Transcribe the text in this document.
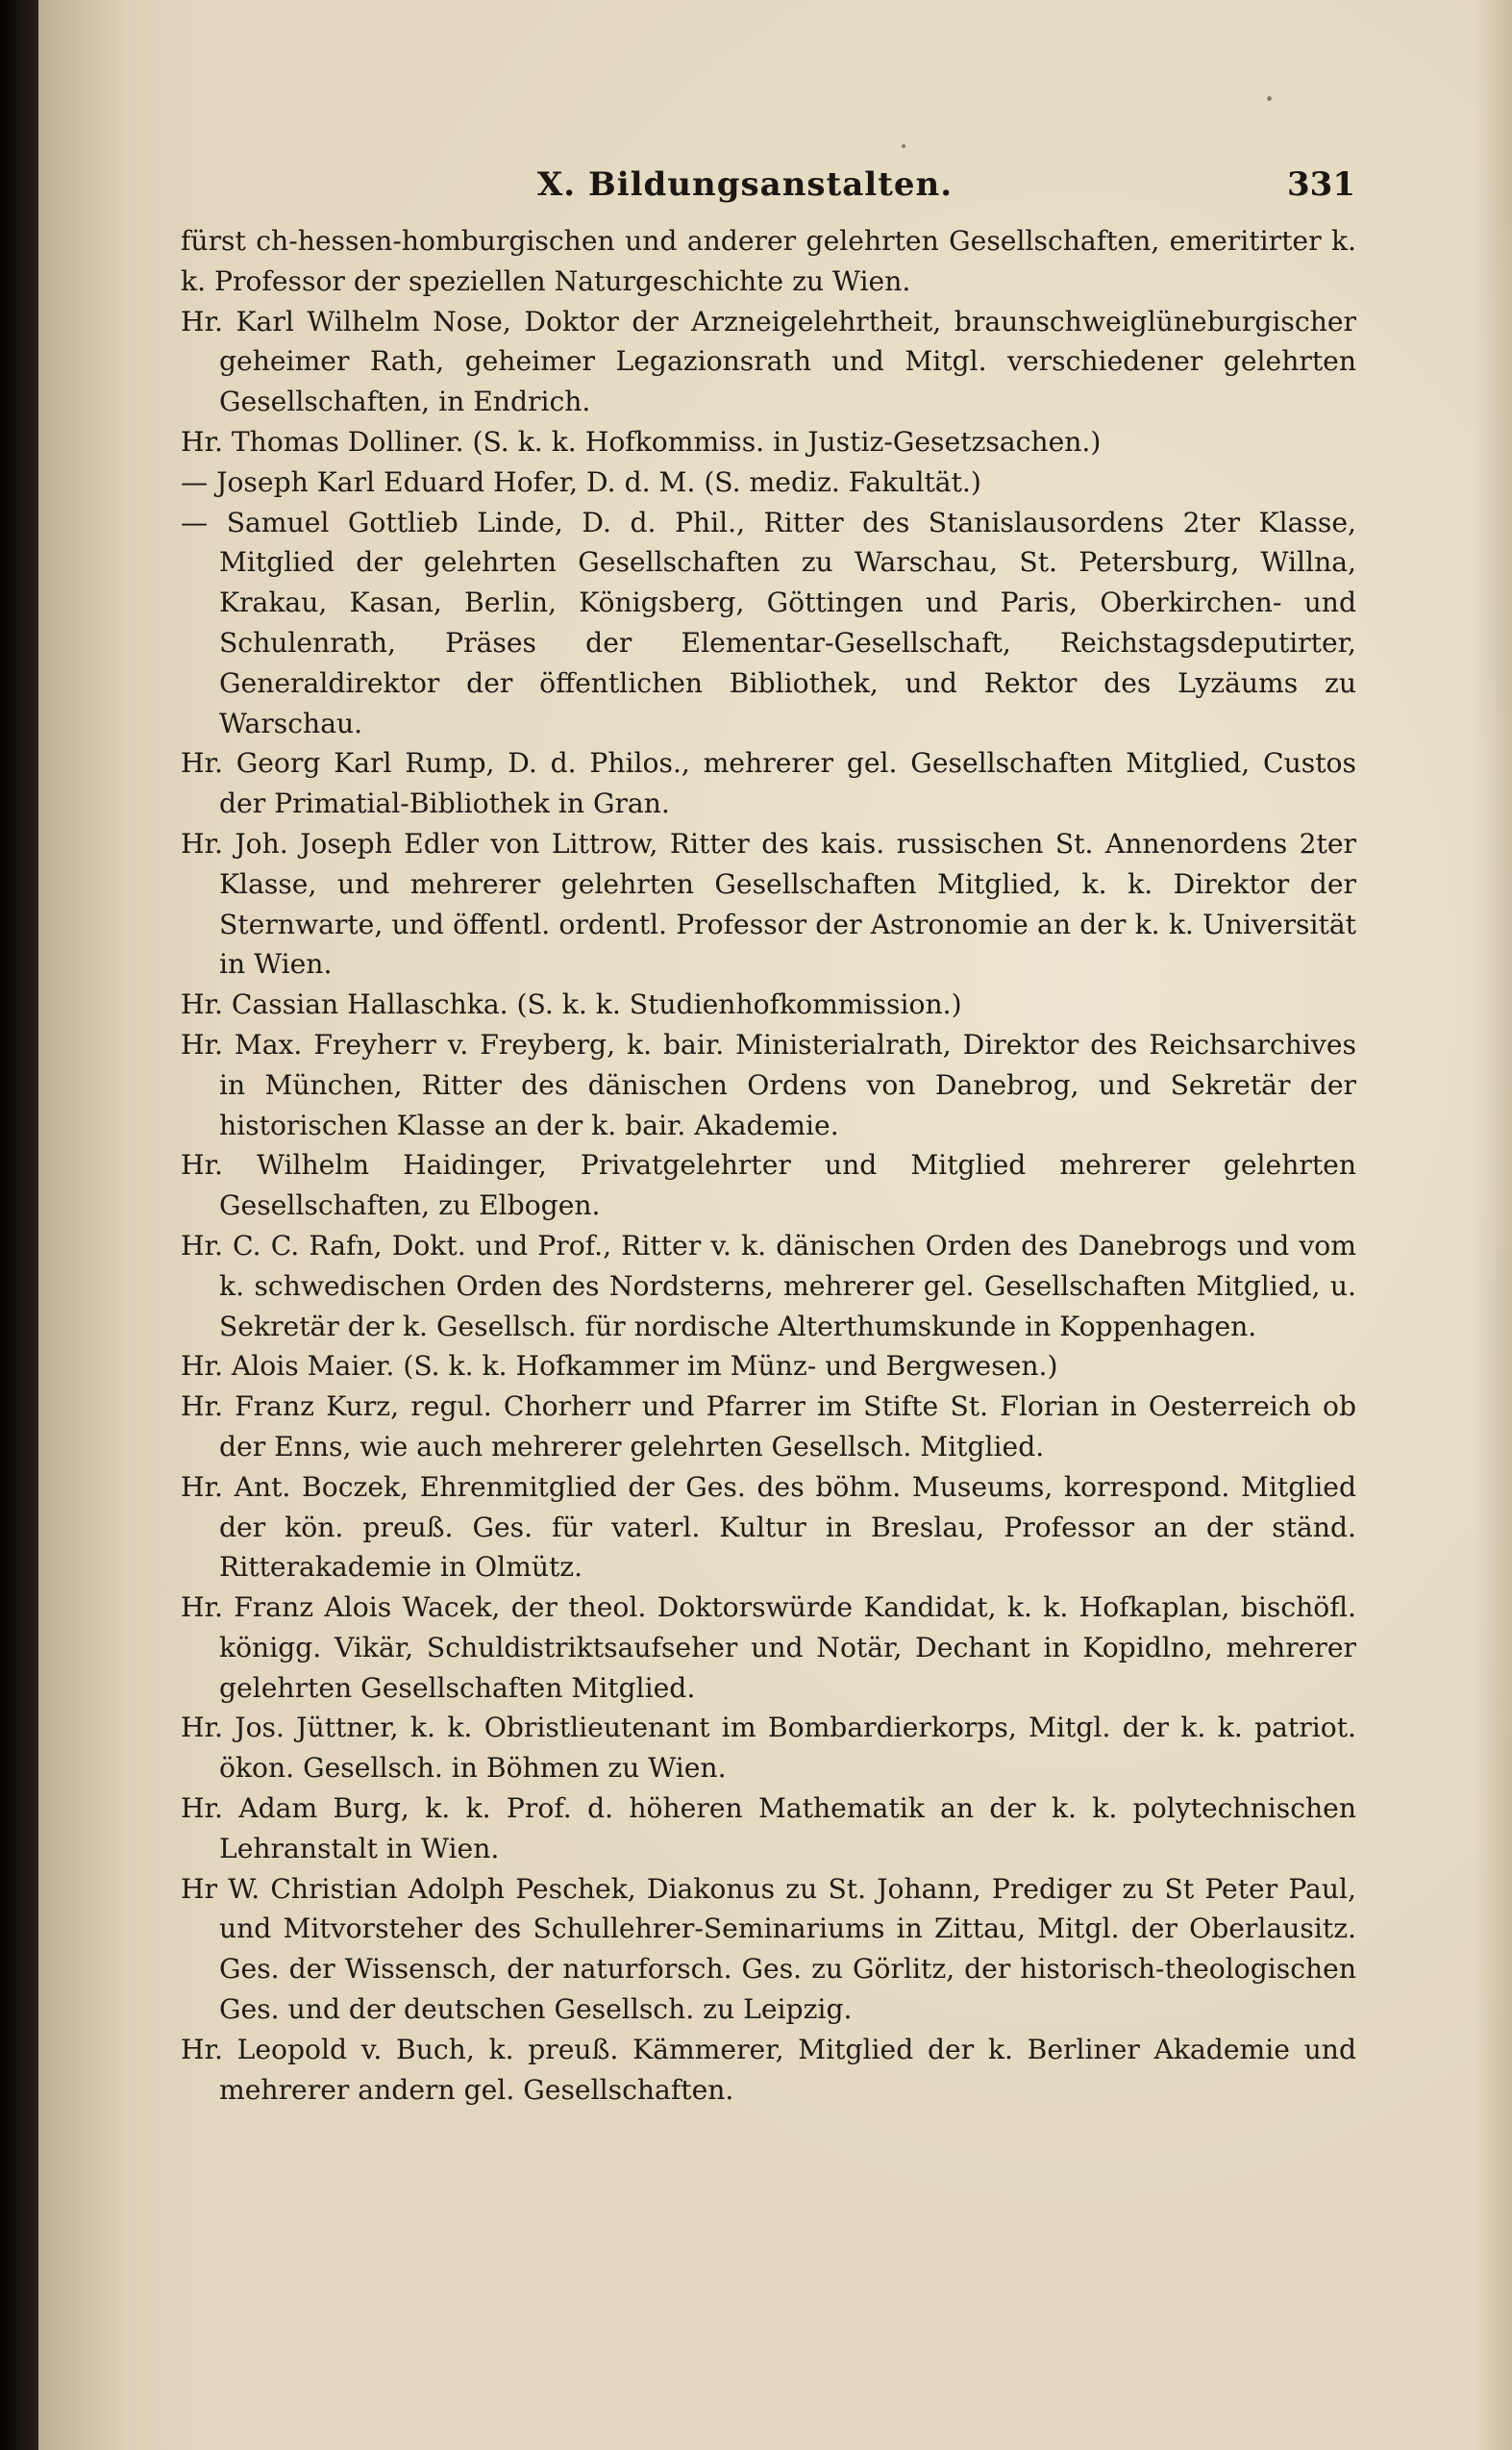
X. Bildungsanstalten.	331

fürst ch-hessen-homburgischen und anderer gelehrten Gesellschaften, emeritirter k. k. Professor der speziellen Naturgeschichte zu Wien.

Hr. Karl Wilhelm Nose, Doktor der Arzneigelehrtheit, braunschweiglüneburgischer geheimer Rath, geheimer Legazionsrath und Mitgl. verschiedener gelehrten Gesellschaften, in Endrich.

Hr. Thomas Dolliner. (S. k. k. Hofkommiss. in Justiz-Gesetzsachen.)

— Joseph Karl Eduard Hofer, D. d. M. (S. mediz. Fakultät.)

— Samuel Gottlieb Linde, D. d. Phil., Ritter des Stanislausordens 2ter Klasse, Mitglied der gelehrten Gesellschaften zu Warschau, St. Petersburg, Willna, Krakau, Kasan, Berlin, Königsberg, Göttingen und Paris, Oberkirchen- und Schulenrath, Präses der Elementar-Gesellschaft, Reichstagsdeputirter, Generaldirektor der öffentlichen Bibliothek, und Rektor des Lyzäums zu Warschau.

Hr. Georg Karl Rump, D. d. Philos., mehrerer gel. Gesellschaften Mitglied, Custos der Primatial-Bibliothek in Gran.

Hr. Joh. Joseph Edler von Littrow, Ritter des kais. russischen St. Annenordens 2ter Klasse, und mehrerer gelehrten Gesellschaften Mitglied, k. k. Direktor der Sternwarte, und öffentl. ordentl. Professor der Astronomie an der k. k. Universität in Wien.

Hr. Cassian Hallaschka. (S. k. k. Studienhofkommission.)

Hr. Max. Freyherr v. Freyberg, k. bair. Ministerialrath, Direktor des Reichsarchives in München, Ritter des dänischen Ordens von Danebrog, und Sekretär der historischen Klasse an der k. bair. Akademie.

Hr. Wilhelm Haidinger, Privatgelehrter und Mitglied mehrerer gelehrten Gesellschaften, zu Elbogen.

Hr. C. C. Rafn, Dokt. und Prof., Ritter v. k. dänischen Orden des Danebrogs und vom k. schwedischen Orden des Nordsterns, mehrerer gel. Gesellschaften Mitglied, u. Sekretär der k. Gesellsch. für nordische Alterthumskunde in Koppenhagen.

Hr. Alois Maier. (S. k. k. Hofkammer im Münz- und Bergwesen.)

Hr. Franz Kurz, regul. Chorherr und Pfarrer im Stifte St. Florian in Oesterreich ob der Enns, wie auch mehrerer gelehrten Gesellsch. Mitglied.

Hr. Ant. Boczek, Ehrenmitglied der Ges. des böhm. Museums, korrespond. Mitglied der kön. preuß. Ges. für vaterl. Kultur in Breslau, Professor an der ständ. Ritterakademie in Olmütz.

Hr. Franz Alois Wacek, der theol. Doktorswürde Kandidat, k. k. Hofkaplan, bischöfl. königg. Vikär, Schuldistriktsaufseher und Notär, Dechant in Kopidlno, mehrerer gelehrten Gesellschaften Mitglied.

Hr. Jos. Jüttner, k. k. Obristlieutenant im Bombardierkorps, Mitgl. der k. k. patriot. ökon. Gesellsch. in Böhmen zu Wien.

Hr. Adam Burg, k. k. Prof. d. höheren Mathematik an der k. k. polytechnischen Lehranstalt in Wien.

Hr W. Christian Adolph Peschek, Diakonus zu St. Johann, Prediger zu St Peter Paul, und Mitvorsteher des Schullehrer-Seminariums in Zittau, Mitgl. der Oberlausitz. Ges. der Wissensch, der naturforsch. Ges. zu Görlitz, der historisch-theologischen Ges. und der deutschen Gesellsch. zu Leipzig.

Hr. Leopold v. Buch, k. preuß. Kämmerer, Mitglied der k. Berliner Akademie und mehrerer andern gel. Gesellschaften.
